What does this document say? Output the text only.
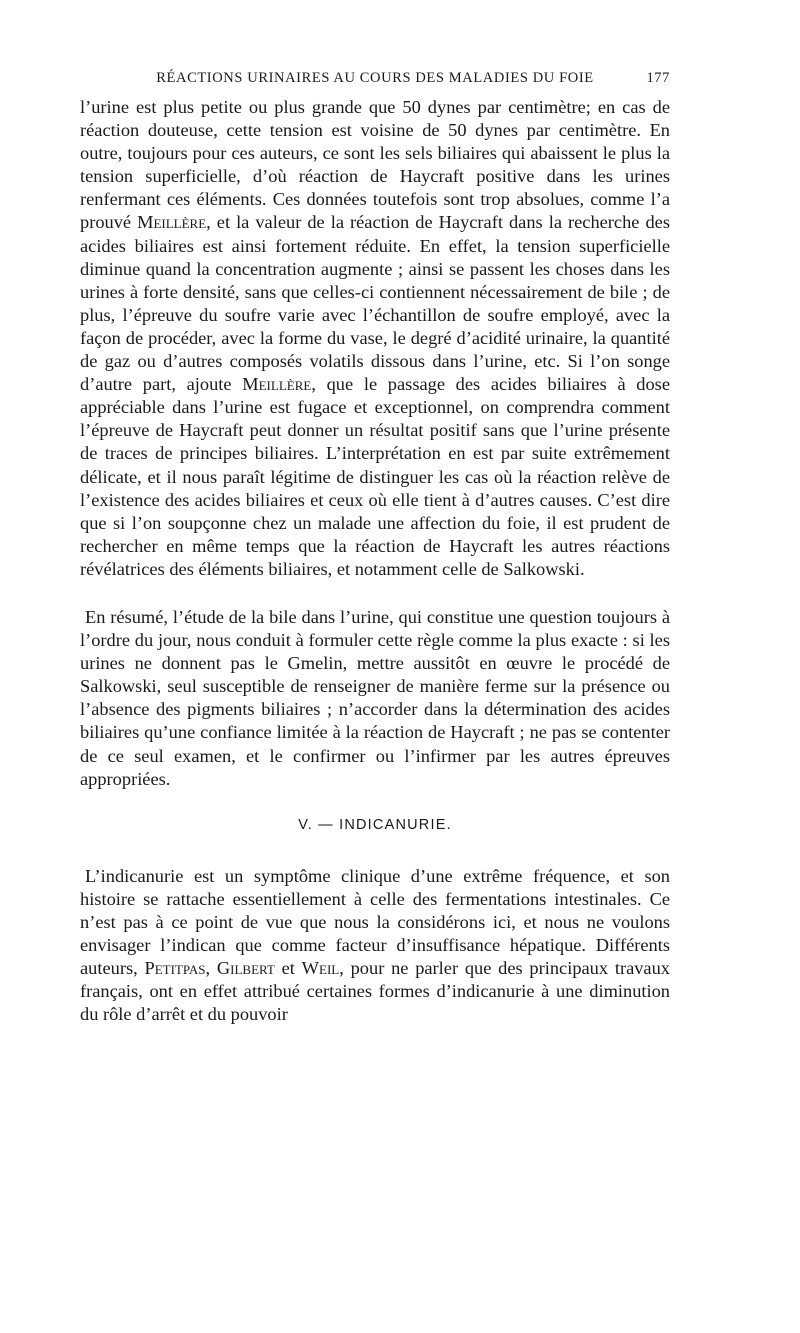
RÉACTIONS URINAIRES AU COURS DES MALADIES DU FOIE	177

l’urine est plus petite ou plus grande que 50 dynes par centimètre; en cas de réaction douteuse, cette tension est voisine de 50 dynes par centimètre. En outre, toujours pour ces auteurs, ce sont les sels biliaires qui abaissent le plus la tension superficielle, d’où réaction de Haycraft positive dans les urines renfermant ces éléments. Ces données toutefois sont trop absolues, comme l’a prouvé Meillère, et la valeur de la réaction de Haycraft dans la recherche des acides biliaires est ainsi fortement réduite. En effet, la tension superficielle diminue quand la concentration augmente ; ainsi se passent les choses dans les urines à forte densité, sans que celles-ci contiennent nécessairement de bile ; de plus, l’épreuve du soufre varie avec l’échantillon de soufre employé, avec la façon de procéder, avec la forme du vase, le degré d’acidité urinaire, la quantité de gaz ou d’autres composés volatils dissous dans l’urine, etc. Si l’on songe d’autre part, ajoute Meillère, que le passage des acides biliaires à dose appréciable dans l’urine est fugace et exceptionnel, on comprendra comment l’épreuve de Haycraft peut donner un résultat positif sans que l’urine présente de traces de principes biliaires. L’interprétation en est par suite extrêmement délicate, et il nous paraît légitime de distinguer les cas où la réaction relève de l’existence des acides biliaires et ceux où elle tient à d’autres causes. C’est dire que si l’on soupçonne chez un malade une affection du foie, il est prudent de rechercher en même temps que la réaction de Haycraft les autres réactions révélatrices des éléments biliaires, et notamment celle de Salkowski.

En résumé, l’étude de la bile dans l’urine, qui constitue une question toujours à l’ordre du jour, nous conduit à formuler cette règle comme la plus exacte : si les urines ne donnent pas le Gmelin, mettre aussitôt en œuvre le procédé de Salkowski, seul susceptible de renseigner de manière ferme sur la présence ou l’absence des pigments biliaires ; n’accorder dans la détermination des acides biliaires qu’une confiance limitée à la réaction de Haycraft ; ne pas se contenter de ce seul examen, et le confirmer ou l’infirmer par les autres épreuves appropriées.

V. — INDICANURIE.

L’indicanurie est un symptôme clinique d’une extrême fréquence, et son histoire se rattache essentiellement à celle des fermentations intestinales. Ce n’est pas à ce point de vue que nous la considérons ici, et nous ne voulons envisager l’indican que comme facteur d’insuffisance hépatique. Différents auteurs, Petitpas, Gilbert et Weil, pour ne parler que des principaux travaux français, ont en effet attribué certaines formes d’indicanurie à une diminution du rôle d’arrêt et du pouvoir
